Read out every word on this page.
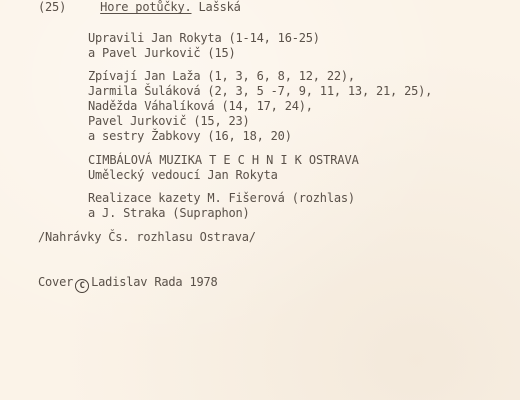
(25)	Hore potůčky. Lašská
Upravili Jan Rokyta (1-14, 16-25)
a Pavel Jurkovič (15)
Zpívají Jan Laža (1, 3, 6, 8, 12, 22),
Jarmila Šuláková (2, 3, 5 -7, 9, 11, 13, 21, 25),
Naděžda Váhalíková (14, 17, 24),
Pavel Jurkovič (15, 23)
a sestry Žabkovy (16, 18, 20)
CIMBÁLOVÁ MUZIKA T E C H N I K OSTRAVA
Umělecký vedoucí Jan Rokyta
Realizace kazety M. Fišerová (rozhlas)
a J. Straka (Supraphon)
/Nahrávky Čs. rozhlasu Ostrava/
Cover C Ladislav Rada 1978
